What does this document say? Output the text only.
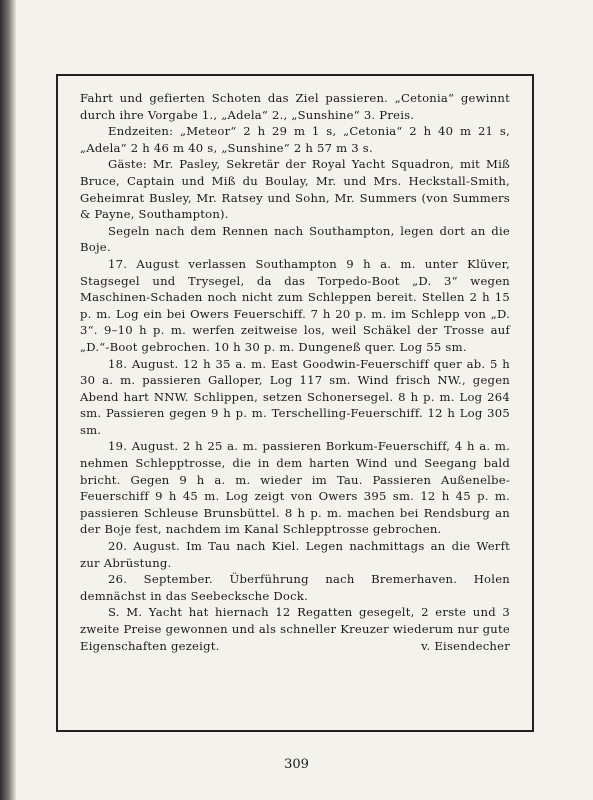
Fahrt und gefierten Schoten das Ziel passieren. „Cetonia“ gewinnt durch ihre Vorgabe 1., „Adela“ 2., „Sunshine“ 3. Preis.

Endzeiten: „Meteor“ 2 h 29 m 1 s, „Cetonia“ 2 h 40 m 21 s, „Adela“ 2 h 46 m 40 s, „Sunshine“ 2 h 57 m 3 s.

Gäste: Mr. Pasley, Sekretär der Royal Yacht Squadron, mit Miß Bruce, Captain und Miß du Boulay, Mr. und Mrs. Heckstall-Smith, Geheimrat Busley, Mr. Ratsey und Sohn, Mr. Summers (von Summers & Payne, Southampton).

Segeln nach dem Rennen nach Southampton, legen dort an die Boje.

17. August verlassen Southampton 9 h a. m. unter Klüver, Stagsegel und Trysegel, da das Torpedo-Boot „D. 3“ wegen Maschinen-Schaden noch nicht zum Schleppen bereit. Stellen 2 h 15 p. m. Log ein bei Owers Feuerschiff. 7 h 20 p. m. im Schlepp von „D. 3“. 9–10 h p. m. werfen zeitweise los, weil Schäkel der Trosse auf „D.“-Boot gebrochen. 10 h 30 p. m. Dungeneß quer. Log 55 sm.

18. August. 12 h 35 a. m. East Goodwin-Feuerschiff quer ab. 5 h 30 a. m. passieren Galloper, Log 117 sm. Wind frisch NW., gegen Abend hart NNW. Schlippen, setzen Schonersegel. 8 h p. m. Log 264 sm. Passieren gegen 9 h p. m. Terschelling-Feuerschiff. 12 h Log 305 sm.

19. August. 2 h 25 a. m. passieren Borkum-Feuerschiff, 4 h a. m. nehmen Schlepptrosse, die in dem harten Wind und Seegang bald bricht. Gegen 9 h a. m. wieder im Tau. Passieren Außenelbe-Feuerschiff 9 h 45 m. Log zeigt von Owers 395 sm. 12 h 45 p. m. passieren Schleuse Brunsbüttel. 8 h p. m. machen bei Rendsburg an der Boje fest, nachdem im Kanal Schlepptrosse gebrochen.

20. August. Im Tau nach Kiel. Legen nachmittags an die Werft zur Abrüstung.

26. September. Überführung nach Bremerhaven. Holen demnächst in das Seebecksche Dock.

S. M. Yacht hat hiernach 12 Regatten gesegelt, 2 erste und 3 zweite Preise gewonnen und als schneller Kreuzer wiederum nur gute Eigenschaften gezeigt.	v. Eisendecher

309
